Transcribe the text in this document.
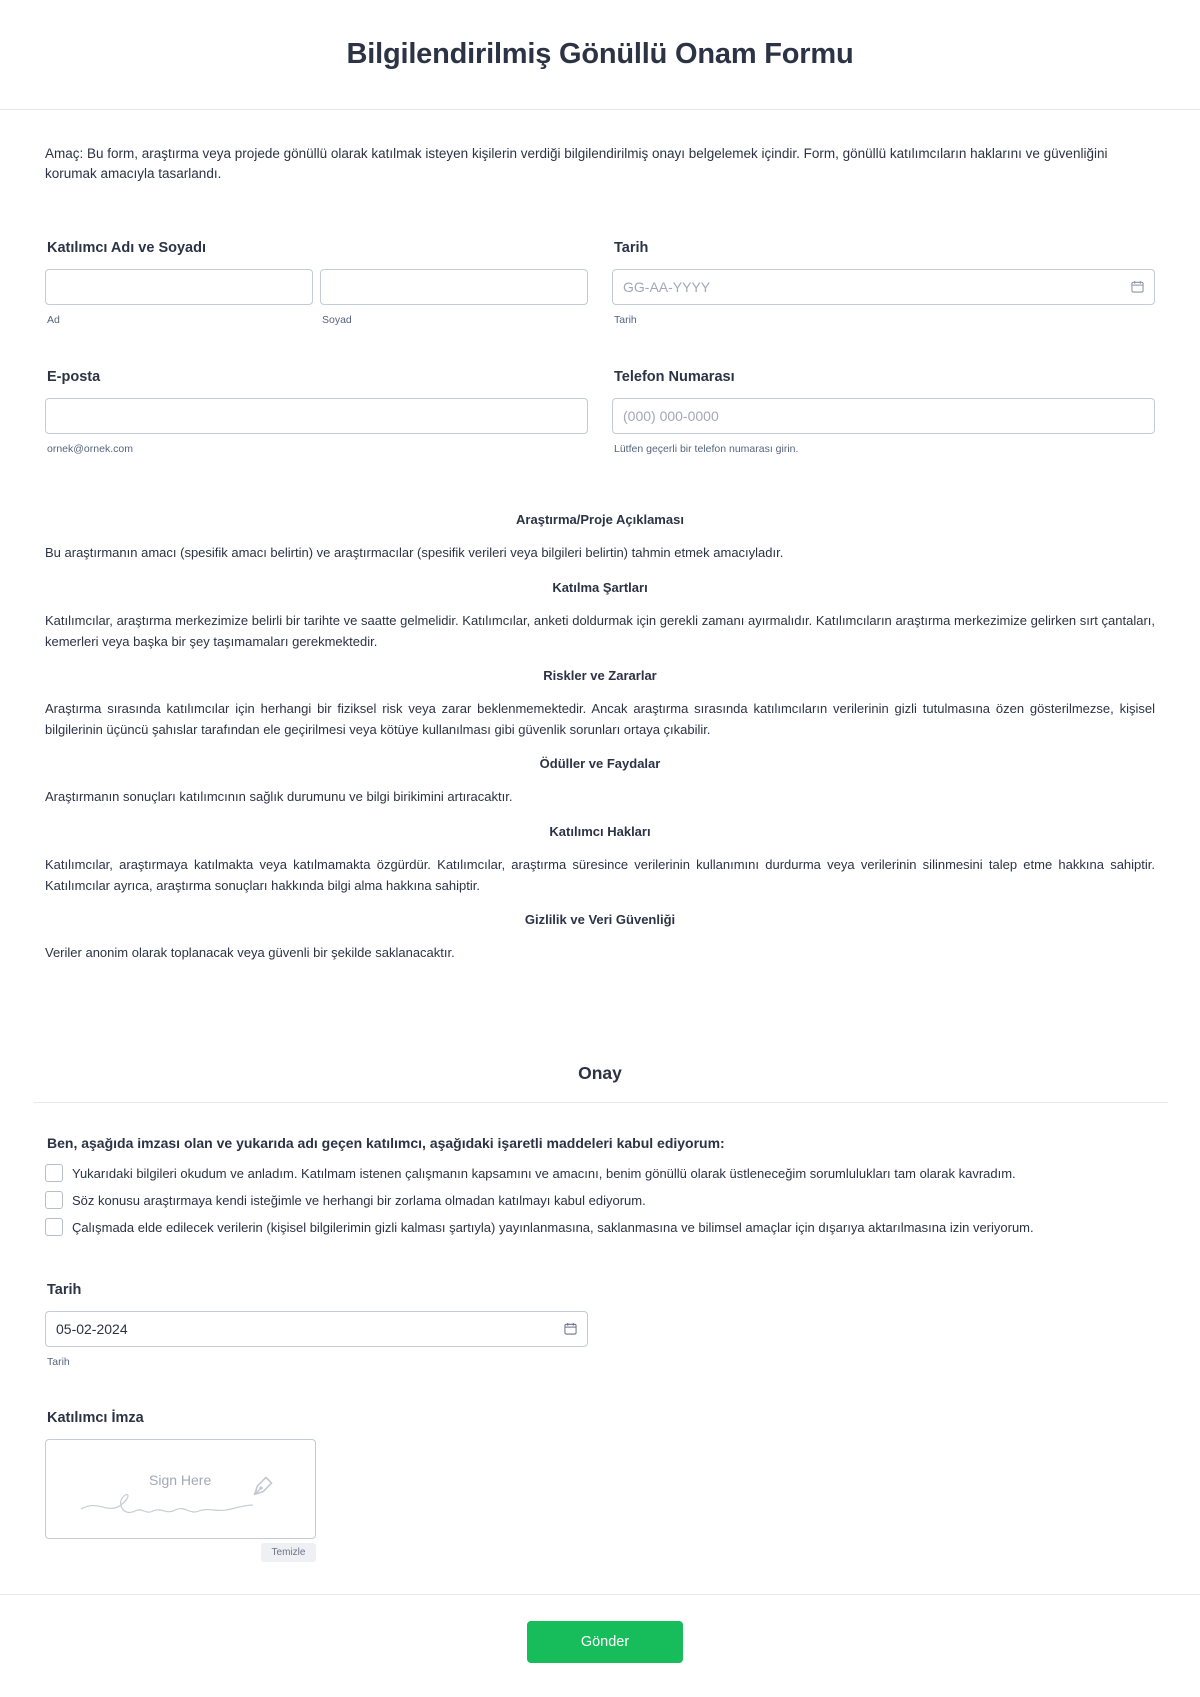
Bilgilendirilmiş Gönüllü Onam Formu

Amaç: Bu form, araştırma veya projede gönüllü olarak katılmak isteyen kişilerin verdiği bilgilendirilmiş onayı belgelemek içindir. Form, gönüllü katılımcıların haklarını ve güvenliğini korumak amacıyla tasarlandı.

Katılımcı Adı ve Soyadı
Ad	Soyad
Tarih
GG-AA-YYYY
Tarih
E-posta
ornek@ornek.com
Telefon Numarası
(000) 000-0000
Lütfen geçerli bir telefon numarası girin.
Araştırma/Proje Açıklaması
Bu araştırmanın amacı (spesifik amacı belirtin) ve araştırmacılar (spesifik verileri veya bilgileri belirtin) tahmin etmek amacıyladır.
Katılma Şartları
Katılımcılar, araştırma merkezimize belirli bir tarihte ve saatte gelmelidir. Katılımcılar, anketi doldurmak için gerekli zamanı ayırmalıdır. Katılımcıların araştırma merkezimize gelirken sırt çantaları, kemerleri veya başka bir şey taşımamaları gerekmektedir.
Riskler ve Zararlar
Araştırma sırasında katılımcılar için herhangi bir fiziksel risk veya zarar beklenmemektedir. Ancak araştırma sırasında katılımcıların verilerinin gizli tutulmasına özen gösterilmezse, kişisel bilgilerinin üçüncü şahıslar tarafından ele geçirilmesi veya kötüye kullanılması gibi güvenlik sorunları ortaya çıkabilir.
Ödüller ve Faydalar
Araştırmanın sonuçları katılımcının sağlık durumunu ve bilgi birikimini artıracaktır.
Katılımcı Hakları
Katılımcılar, araştırmaya katılmakta veya katılmamakta özgürdür. Katılımcılar, araştırma süresince verilerinin kullanımını durdurma veya verilerinin silinmesini talep etme hakkına sahiptir. Katılımcılar ayrıca, araştırma sonuçları hakkında bilgi alma hakkına sahiptir.
Gizlilik ve Veri Güvenliği
Veriler anonim olarak toplanacak veya güvenli bir şekilde saklanacaktır.
Onay
Ben, aşağıda imzası olan ve yukarıda adı geçen katılımcı, aşağıdaki işaretli maddeleri kabul ediyorum:
Yukarıdaki bilgileri okudum ve anladım. Katılmam istenen çalışmanın kapsamını ve amacını, benim gönüllü olarak üstleneceğim sorumlulukları tam olarak kavradım.
Söz konusu araştırmaya kendi isteğimle ve herhangi bir zorlama olmadan katılmayı kabul ediyorum.
Çalışmada elde edilecek verilerin (kişisel bilgilerimin gizli kalması şartıyla) yayınlanmasına, saklanmasına ve bilimsel amaçlar için dışarıya aktarılmasına izin veriyorum.
Tarih
05-02-2024
Tarih
Katılımcı İmza
Sign Here
Temizle
Gönder
